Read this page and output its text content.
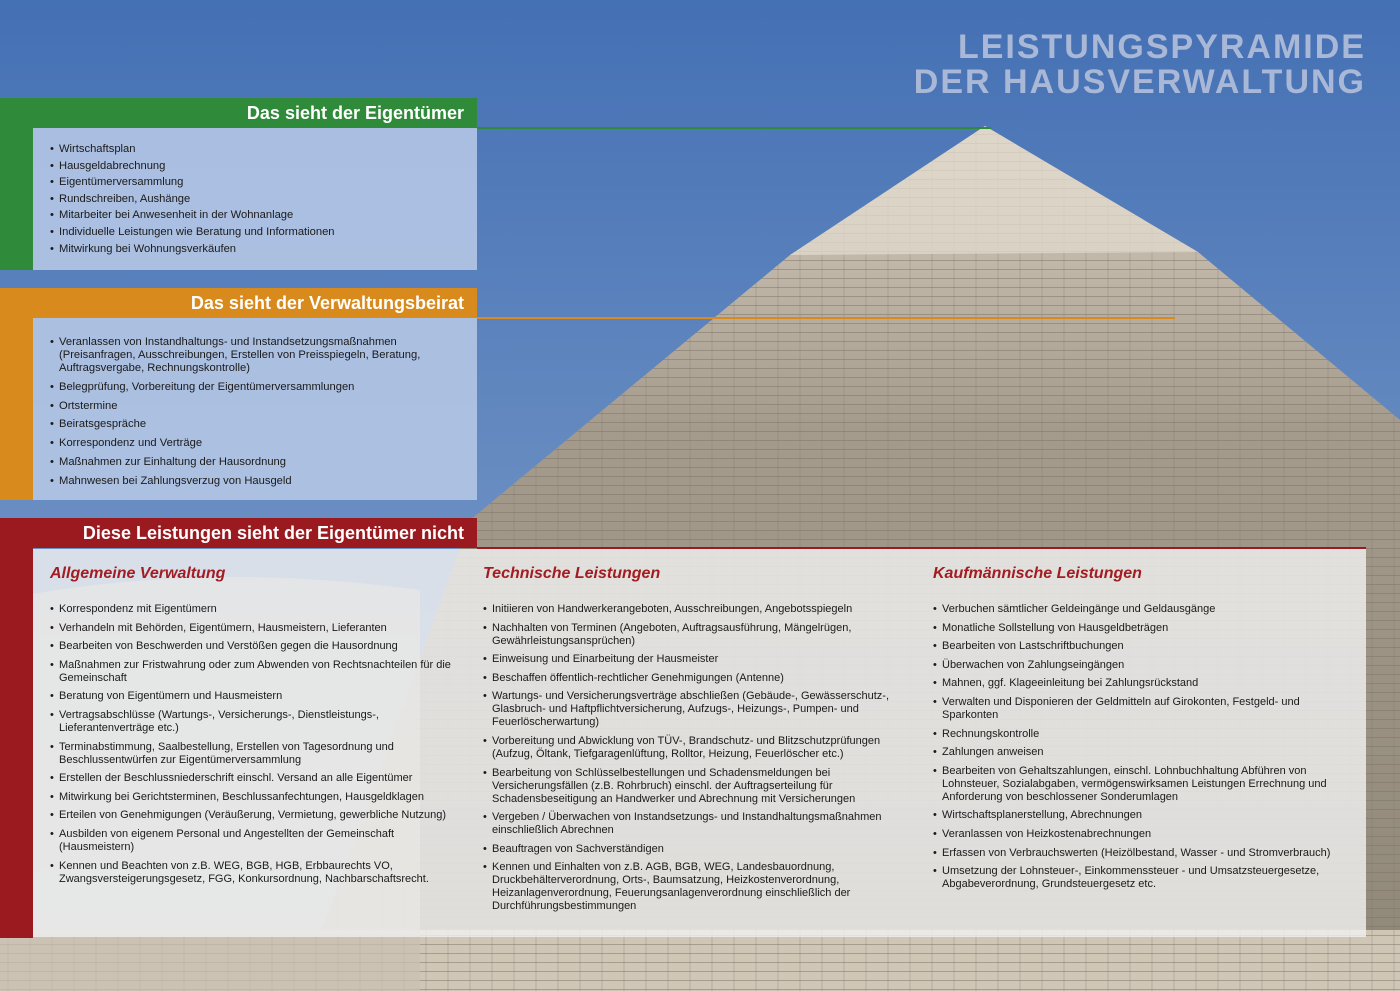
LEISTUNGSPYRAMIDE
DER HAUSVERWALTUNG
Das sieht der Eigentümer
• Wirtschaftsplan
• Hausgeldabrechnung
• Eigentümerversammlung
• Rundschreiben, Aushänge
• Mitarbeiter bei Anwesenheit in der Wohnanlage
• Individuelle Leistungen wie Beratung und Informationen
• Mitwirkung bei Wohnungsverkäufen
Das sieht der Verwaltungsbeirat
• Veranlassen von Instandhaltungs- und Instandsetzungsmaßnahmen (Preisanfragen, Ausschreibungen, Erstellen von Preisspiegeln, Beratung, Auftragsvergabe, Rechnungskontrolle)
• Belegprüfung, Vorbereitung der Eigentümerversammlungen
• Ortstermine
• Beiratsgespräche
• Korrespondenz und Verträge
• Maßnahmen zur Einhaltung der Hausordnung
• Mahnwesen bei Zahlungsverzug von Hausgeld
Diese Leistungen sieht der Eigentümer nicht
Allgemeine Verwaltung
• Korrespondenz mit Eigentümern
• Verhandeln mit Behörden, Eigentümern, Hausmeistern, Lieferanten
• Bearbeiten von Beschwerden und Verstößen gegen die Hausordnung
• Maßnahmen zur Fristwahrung oder zum Abwenden von Rechtsnachteilen für die Gemeinschaft
• Beratung von Eigentümern und Hausmeistern
• Vertragsabschlüsse (Wartungs-, Versicherungs-, Dienstleistungs-, Lieferantenverträge etc.)
• Terminabstimmung, Saalbestellung, Erstellen von Tagesordnung und Beschlussentwürfen zur Eigentümerversammlung
• Erstellen der Beschlussniederschrift einschl. Versand an alle Eigentümer
• Mitwirkung bei Gerichtsterminen, Beschlussanfechtungen, Hausgeldklagen
• Erteilen von Genehmigungen (Veräußerung, Vermietung, gewerbliche Nutzung)
• Ausbilden von eigenem Personal und Angestellten der Gemeinschaft (Hausmeistern)
• Kennen und Beachten von z.B. WEG, BGB, HGB, Erbbaurechts VO, Zwangsversteigerungsgesetz, FGG, Konkursordnung, Nachbarschaftsrecht.
Technische Leistungen
• Initiieren von Handwerkerangeboten, Ausschreibungen, Angebotsspiegeln
• Nachhalten von Terminen (Angeboten, Auftragsausführung, Mängelrügen, Gewährleistungsansprüchen)
• Einweisung und Einarbeitung der Hausmeister
• Beschaffen öffentlich-rechtlicher Genehmigungen (Antenne)
• Wartungs- und Versicherungsverträge abschließen (Gebäude-, Gewässerschutz-, Glasbruch- und Haftpflichtversicherung, Aufzugs-, Heizungs-, Pumpen- und Feuerlöscherwartung)
• Vorbereitung und Abwicklung von TÜV-, Brandschutz- und Blitzschutzprüfungen (Aufzug, Öltank, Tiefgaragenlüftung, Rolltor, Heizung, Feuerlöscher etc.)
• Bearbeitung von Schlüsselbestellungen und Schadensmeldungen bei Versicherungsfällen (z.B. Rohrbruch) einschl. der Auftragserteilung für Schadensbeseitigung an Handwerker und Abrechnung mit Versicherungen
• Vergeben / Überwachen von Instandsetzungs- und Instandhaltungsmaßnahmen einschließlich Abrechnen
• Beauftragen von Sachverständigen
• Kennen und Einhalten von z.B. AGB, BGB, WEG, Landesbauordnung, Druckbehälterverordnung, Orts-, Baumsatzung, Heizkostenverordnung, Heizanlagenverordnung, Feuerungsanlagenverordnung einschließlich der Durchführungsbestimmungen
Kaufmännische Leistungen
• Verbuchen sämtlicher Geldeingänge und Geldausgänge
• Monatliche Sollstellung von Hausgeldbeträgen
• Bearbeiten von Lastschriftbuchungen
• Überwachen von Zahlungseingängen
• Mahnen, ggf. Klageeinleitung bei Zahlungsrückstand
• Verwalten und Disponieren der Geldmitteln auf Girokonten, Festgeld- und Sparkonten
• Rechnungskontrolle
• Zahlungen anweisen
• Bearbeiten von Gehaltszahlungen, einschl. Lohnbuchhaltung Abführen von Lohnsteuer, Sozialabgaben, vermögenswirksamen Leistungen Errechnung und Anforderung von beschlossener Sonderumlagen
• Wirtschaftsplanerstellung, Abrechnungen
• Veranlassen von Heizkostenabrechnungen
• Erfassen von Verbrauchswerten (Heizölbestand, Wasser - und Stromverbrauch)
• Umsetzung der Lohnsteuer-, Einkommenssteuer - und Umsatzsteuergesetze, Abgabeverordnung, Grundsteuergesetz etc.
